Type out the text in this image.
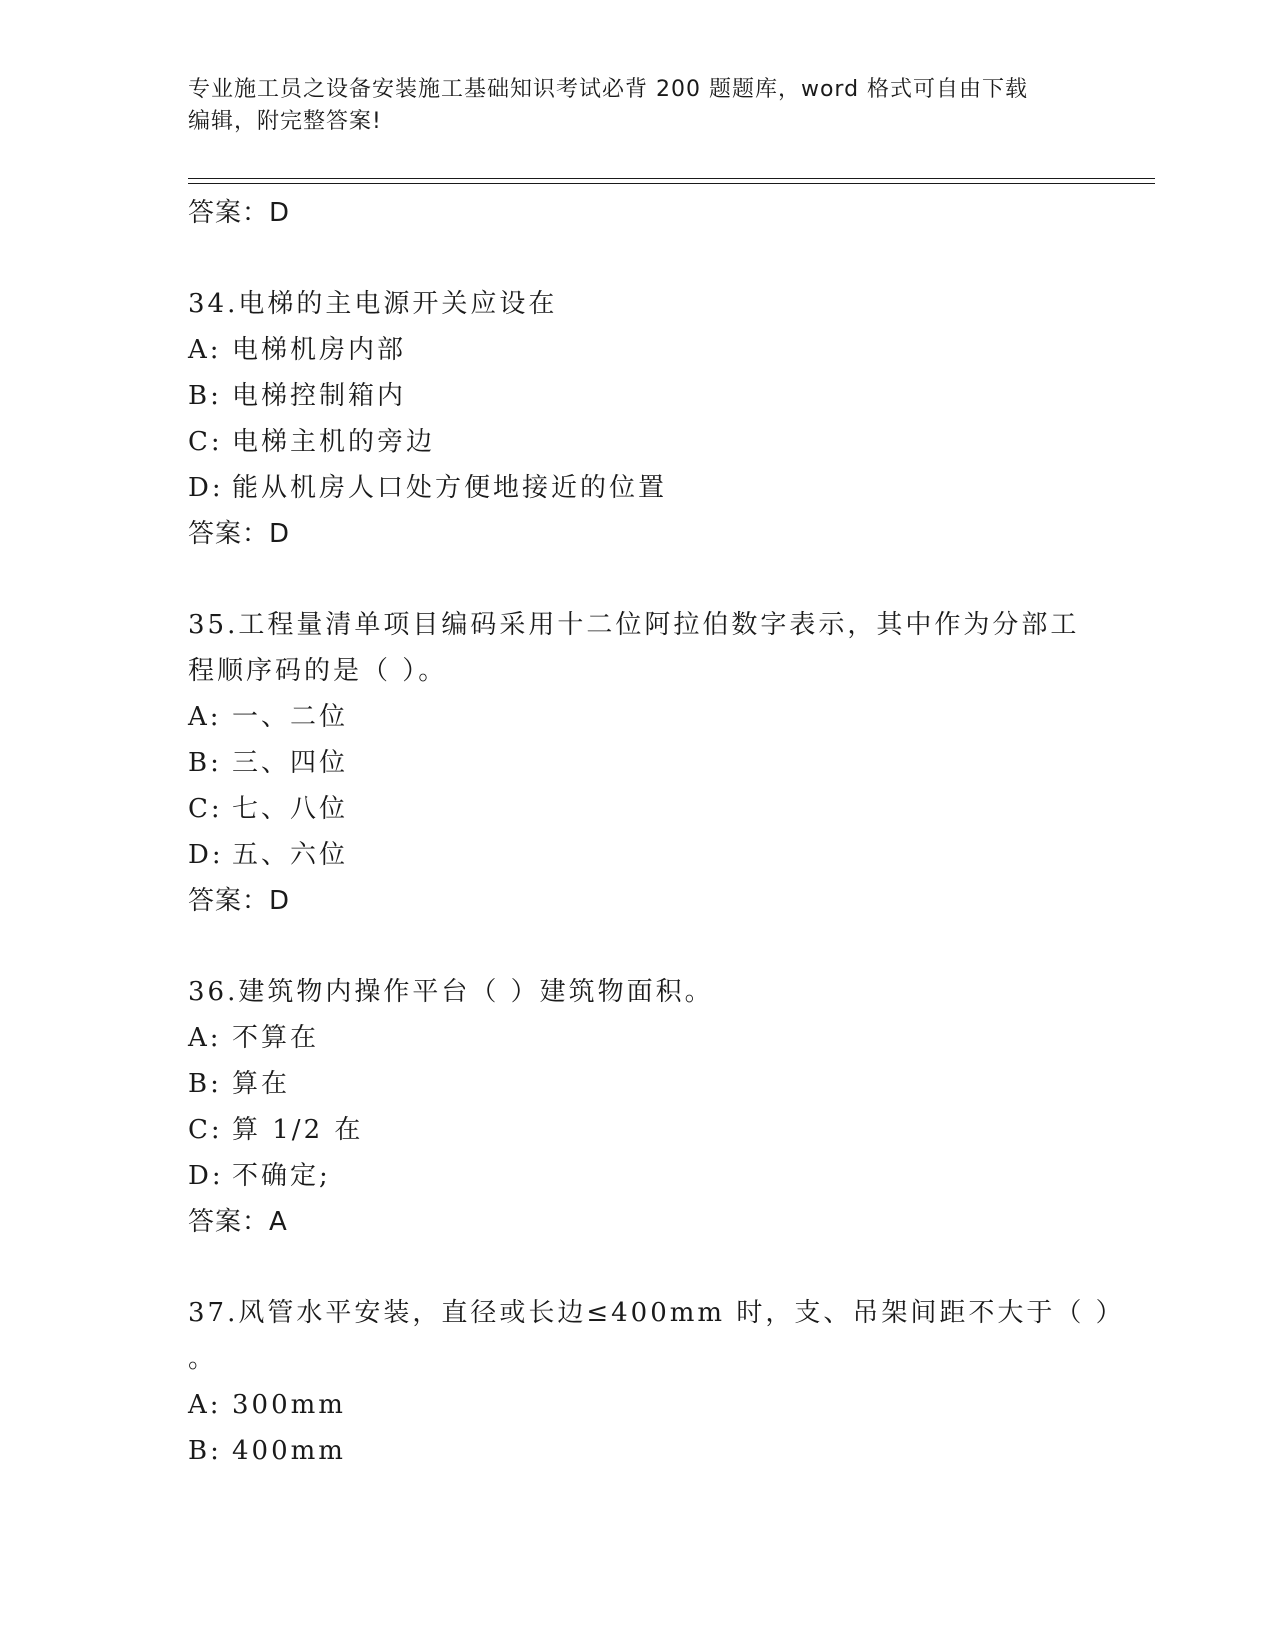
专业施工员之设备安装施工基础知识考试必背 200 题题库，word 格式可自由下载
编辑，附完整答案!
答案：D
34.电梯的主电源开关应设在
A: 电梯机房内部
B: 电梯控制箱内
C: 电梯主机的旁边
D: 能从机房人口处方便地接近的位置
答案：D
35.工程量清单项目编码采用十二位阿拉伯数字表示，其中作为分部工
程顺序码的是（ ）。
A: 一、二位
B: 三、四位
C: 七、八位
D: 五、六位
答案：D
36.建筑物内操作平台（ ）建筑物面积。
A: 不算在
B: 算在
C: 算 1/2 在
D: 不确定;
答案：A
37.风管水平安装，直径或长边≤400mm 时，支、吊架间距不大于（ ）
。
A: 300mm
B: 400mm
